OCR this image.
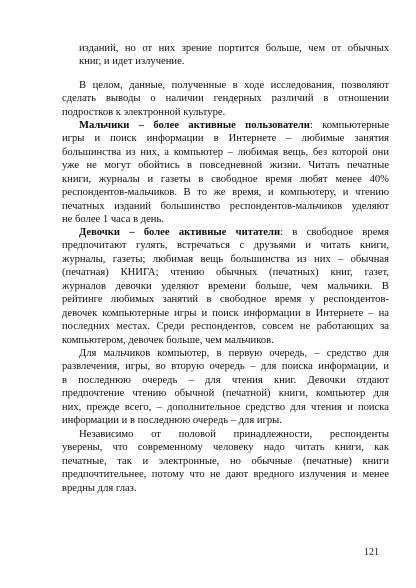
изданий, но от них зрение портится больше, чем от обычных
книг, и идет излучение.
В целом, данные, полученные в ходе исследования, позволяют
сделать выводы о наличии гендерных различий в отношении
подростков к электронной культуре.
Мальчики – более активные пользователи: компьютерные
игры и поиск информации в Интернете – любимые занятия
большинства из них, а компьютер – любимая вещь, без которой они
уже не могут обойтись в повседневной жизни. Читать печатные
книги, журналы и газеты в свободное время любят менее 40%
респондентов-мальчиков. В то же время, и компьютеру, и чтению
печатных изданий большинство респондентов-мальчиков уделяют
не более 1 часа в день.
Девочки – более активные читатели: в свободное время
предпочитают гулять, встречаться с друзьями и читать книги,
журналы, газеты; любимая вещь большинства из них – обычная
(печатная) КНИГА; чтению обычных (печатных) книг, газет,
журналов девочки уделяют времени больше, чем мальчики. В
рейтинге любимых занятий в свободное время у респондентов-
девочек компьютерные игры и поиск информации в Интернете – на
последних местах. Среди респондентов, совсем не работающих за
компьютером, девочек больше, чем мальчиков.
Для мальчиков компьютер, в первую очередь, – средство для
развлечения, игры, во вторую очередь – для поиска информации, и
в последнюю очередь – для чтения книг. Девочки отдают
предпочтение чтению обычной (печатной) книги, компьютер для
них, прежде всего, – дополнительное средство для чтения и поиска
информации и в последнюю очередь – для игры.
Независимо от половой принадлежности, респонденты
уверены, что современному человеку надо читать книги, как
печатные, так и электронные, но обычные (печатные) книги
предпочтительнее, потому что не дают вредного излучения и менее
вредны для глаз.
121
